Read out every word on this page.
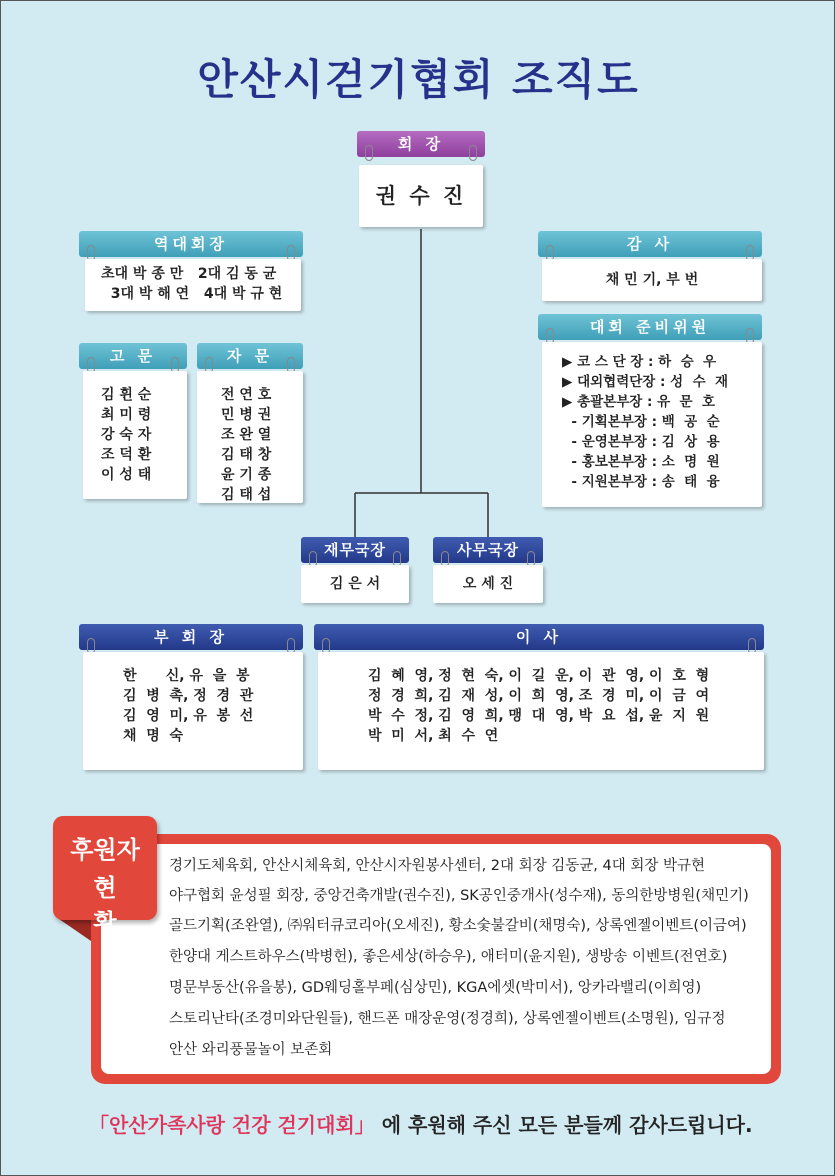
안산시걷기협회 조직도
회 장
권 수 진
역대회장
초대 박 종 만   2대 김 동 균
3대 박 해 연   4대 박 규 현
감 사
채 민 기, 부 번
고 문
김 휜 순
최 미 령
강 숙 자
조 덕 환
이 성 태
자 문
전 연 호
민 병 권
조 완 열
김 태 창
윤 기 종
김 태 섭
대회 준비위원
▶ 코 스 단 장 : 하  승  우
▶ 대외협력단장 : 성  수  재
▶ 총괄본부장 : 유  문  호
- 기획본부장 : 백  공  순
- 운영본부장 : 김  상  용
- 홍보본부장 : 소  명  원
- 지원본부장 : 송  태  융
재무국장
김 은 서
사무국장
오 세 진
부 회 장
한      신, 유  을  봉
김  병  촉, 정  경  관
김  영  미, 유  봉  선
채  명  숙
이 사
김  혜  영, 정  현  숙, 이  길  운, 이  관  영, 이  호  형
정  경  희, 김  재  성, 이  희  영, 조  경  미, 이  금  여
박  수  정, 김  영  희, 맹  대  영, 박  요  섭, 윤  지  원
박  미  서, 최  수  연
후원자
현황
경기도체육회, 안산시체육회, 안산시자원봉사센터, 2대 회장 김동균, 4대 회장 박규현
야구협회 윤성필 회장, 중앙건축개발(권수진), SK공인중개사(성수재), 동의한방병원(채민기)
골드기획(조완열), ㈜워터큐코리아(오세진), 황소숯불갈비(채명숙), 상록엔젤이벤트(이금여)
한양대 게스트하우스(박병헌), 좋은세상(하승우), 애터미(윤지원), 생방송 이벤트(전연호)
명문부동산(유을봉), GD웨딩홀부페(심상민), KGA에셋(박미서), 앙카라밸리(이희영)
스토리난타(조경미와단원들), 핸드폰 매장운영(정경희), 상록엔젤이벤트(소명원), 임규정
안산 와리풍물놀이 보존회
「안산가족사랑 건강 걷기대회」 에 후원해 주신 모든 분들께 감사드립니다.
